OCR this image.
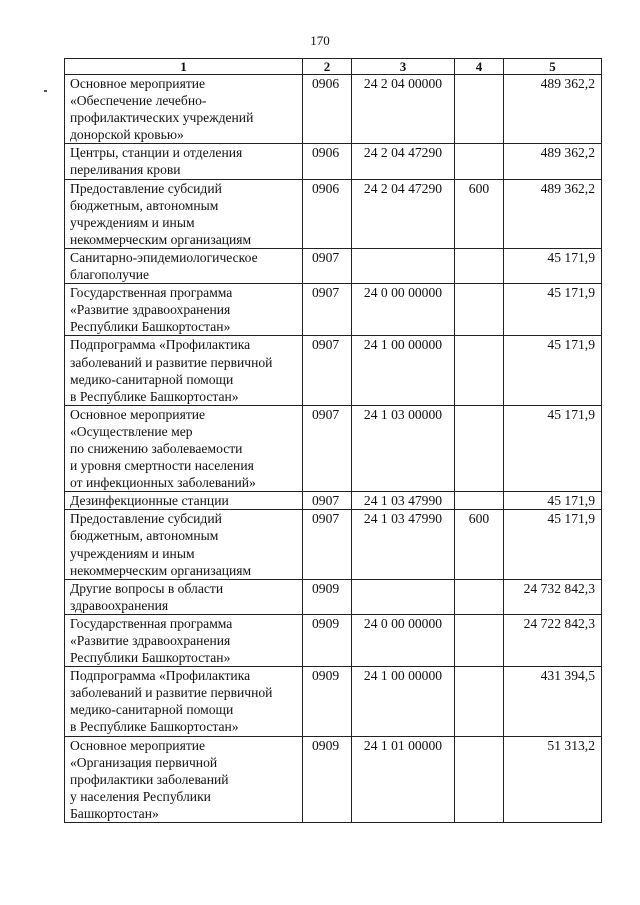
170
1	2	3	4	5
Основное мероприятие
«Обеспечение лечебно-
профилактических учреждений
донорской кровью»	0906	24 2 04 00000		489 362,2
Центры, станции и отделения
переливания крови	0906	24 2 04 47290		489 362,2
Предоставление субсидий
бюджетным, автономным
учреждениям и иным
некоммерческим организациям	0906	24 2 04 47290	600	489 362,2
Санитарно-эпидемиологическое
благополучие	0907			45 171,9
Государственная программа
«Развитие здравоохранения
Республики Башкортостан»	0907	24 0 00 00000		45 171,9
Подпрограмма «Профилактика
заболеваний и развитие первичной
медико-санитарной помощи
в Республике Башкортостан»	0907	24 1 00 00000		45 171,9
Основное мероприятие
«Осуществление мер
по снижению заболеваемости
и уровня смертности населения
от инфекционных заболеваний»	0907	24 1 03 00000		45 171,9
Дезинфекционные станции	0907	24 1 03 47990		45 171,9
Предоставление субсидий
бюджетным, автономным
учреждениям и иным
некоммерческим организациям	0907	24 1 03 47990	600	45 171,9
Другие вопросы в области
здравоохранения	0909			24 732 842,3
Государственная программа
«Развитие здравоохранения
Республики Башкортостан»	0909	24 0 00 00000		24 722 842,3
Подпрограмма «Профилактика
заболеваний и развитие первичной
медико-санитарной помощи
в Республике Башкортостан»	0909	24 1 00 00000		431 394,5
Основное мероприятие
«Организация первичной
профилактики заболеваний
у населения Республики
Башкортостан»	0909	24 1 01 00000		51 313,2
